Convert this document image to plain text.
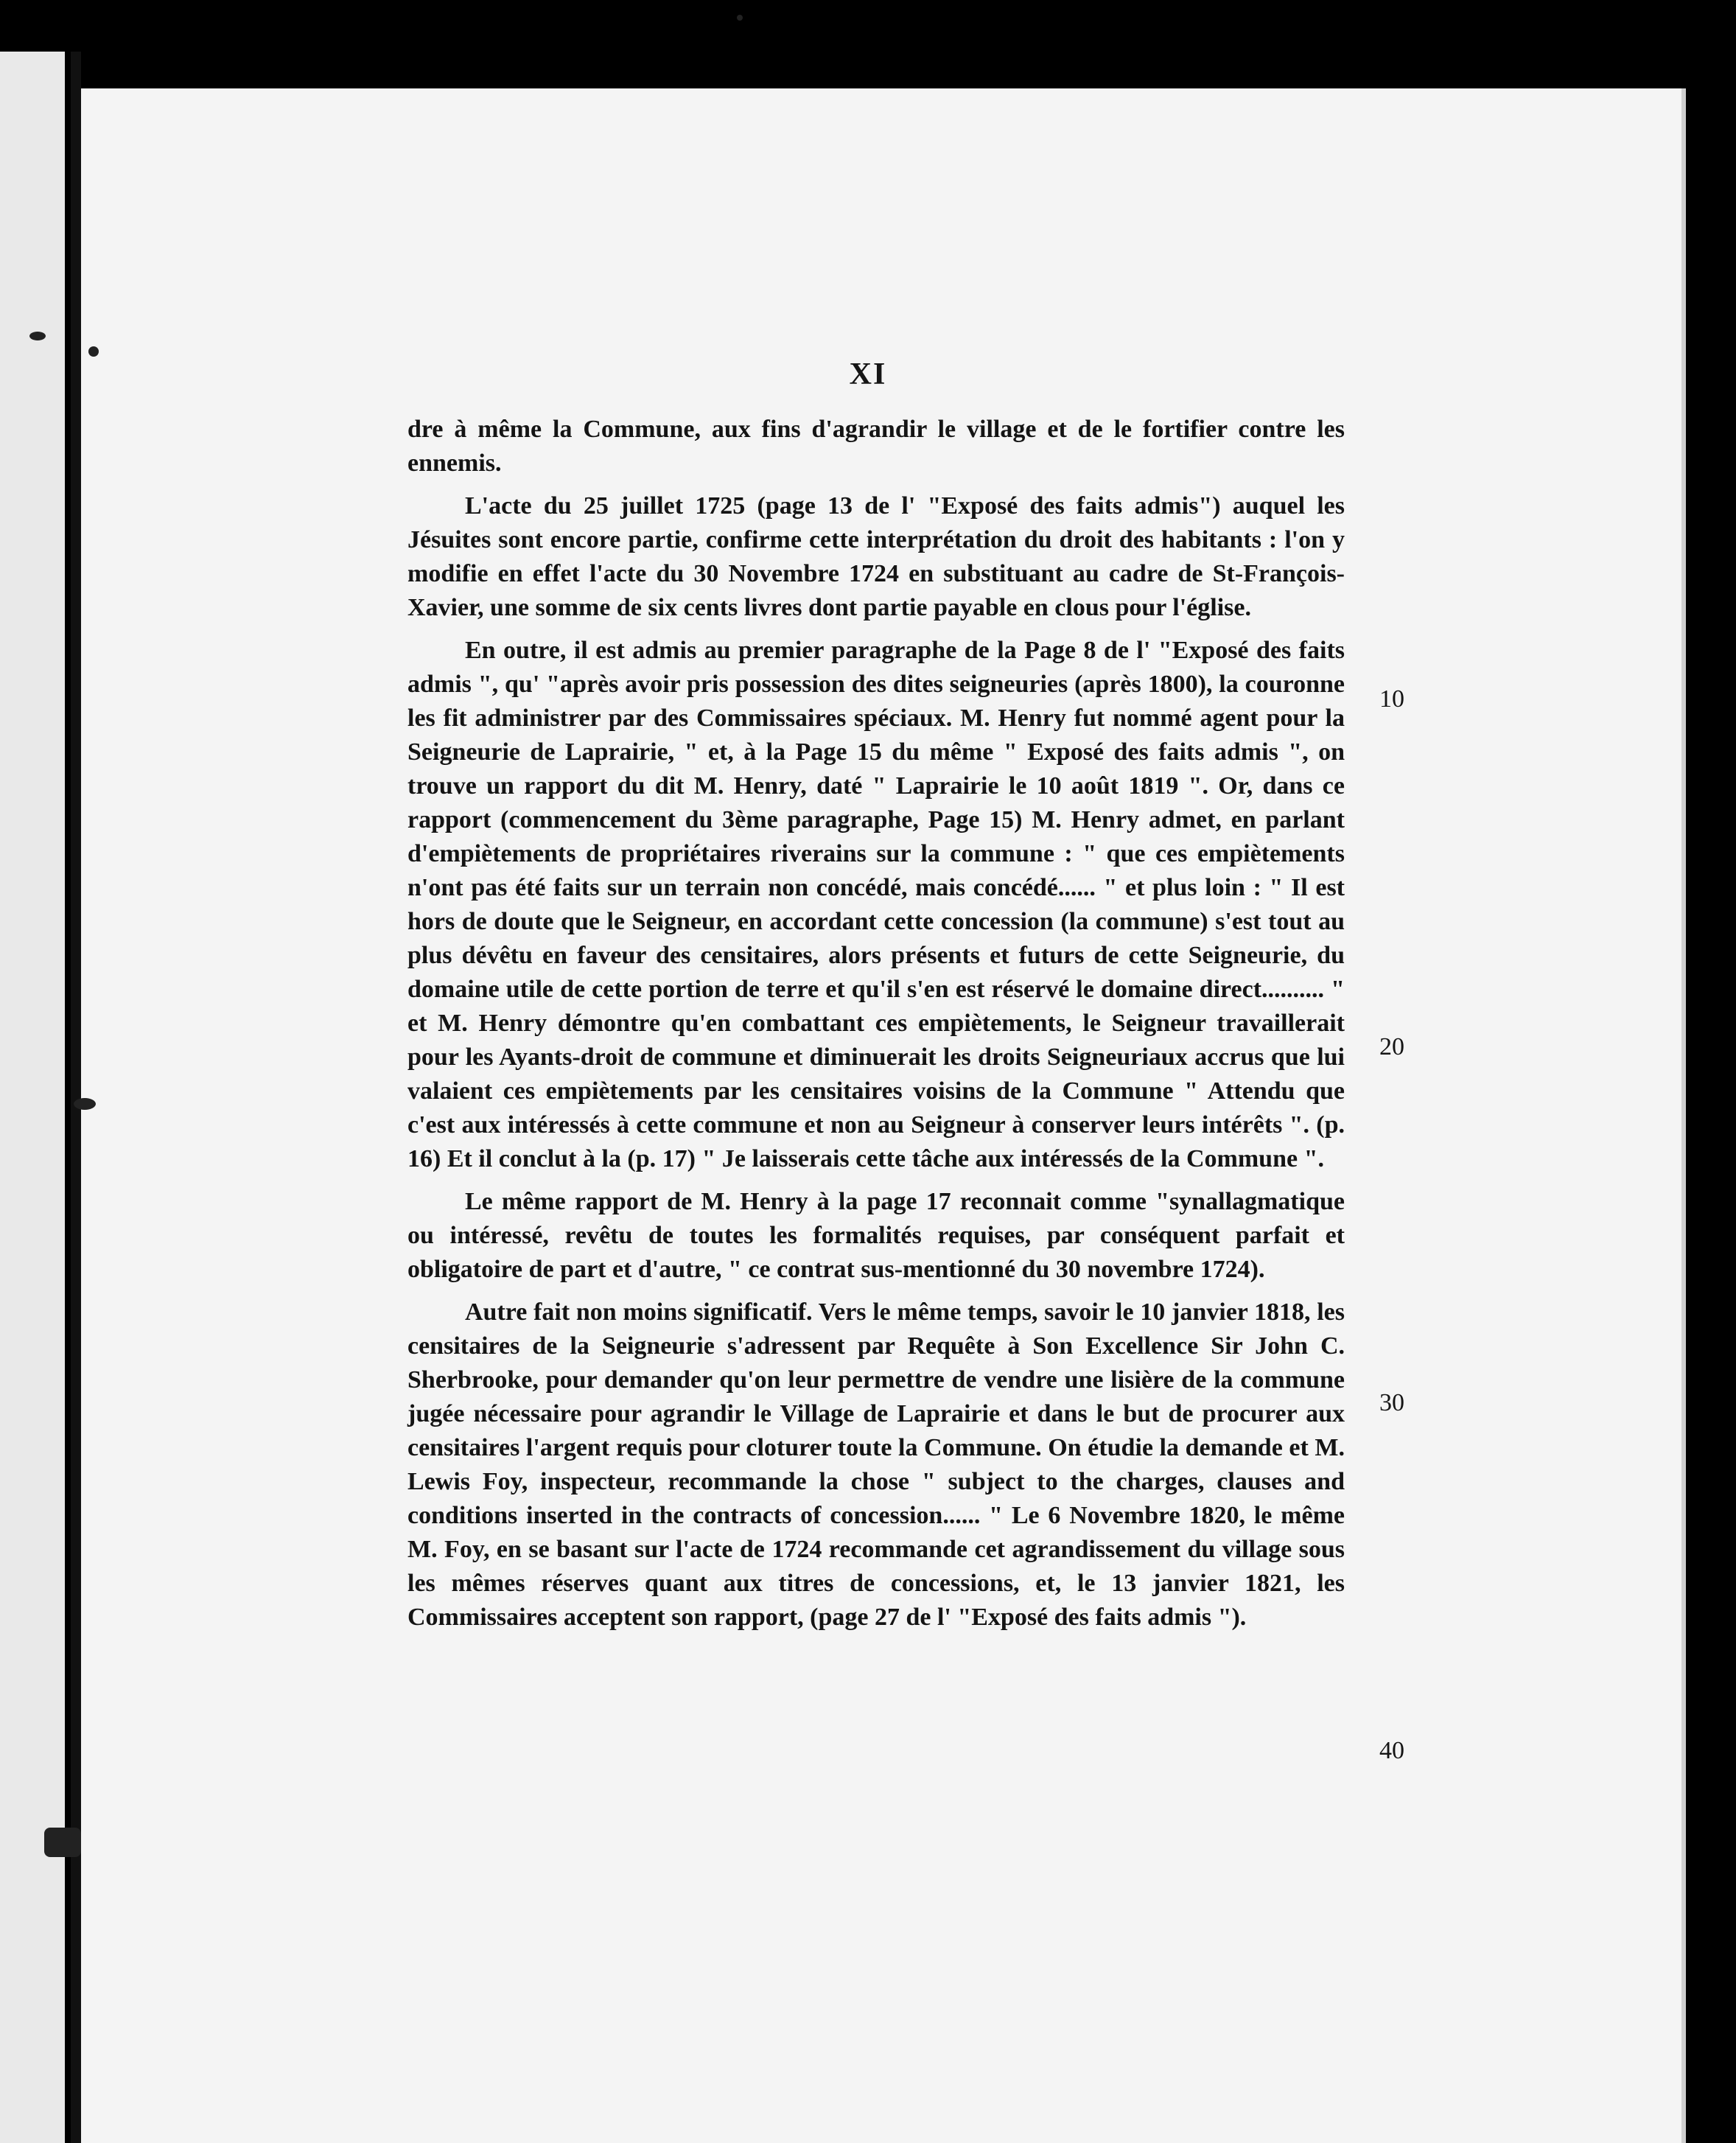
XI

dre à même la Commune, aux fins d'agrandir le village et de le fortifier contre les ennemis.

L'acte du 25 juillet 1725 (page 13 de l' "Exposé des faits admis") auquel les Jésuites sont encore partie, confirme cette interprétation du droit des habitants : l'on y modifie en effet l'acte du 30 Novembre 1724 en substituant au cadre de St-François-Xavier, une somme de six cents livres dont partie payable en clous pour l'église.

En outre, il est admis au premier paragraphe de la Page 8 de l' "Exposé des faits admis ", qu' "après avoir pris possession des dites seigneuries (après 1800), la couronne les fit administrer par des Commissaires spéciaux. M. Henry fut nommé agent pour la Seigneurie de Laprairie, " et, à la Page 15 du même " Exposé des faits admis ", on trouve un rapport du dit M. Henry, daté " Laprairie le 10 août 1819 ". Or, dans ce rapport (commencement du 3ème paragraphe, Page 15) M. Henry admet, en parlant d'empiètements de propriétaires riverains sur la commune : " que ces empiètements n'ont pas été faits sur un terrain non concédé, mais concédé...... " et plus loin : " Il est hors de doute que le Seigneur, en accordant cette concession (la commune) s'est tout au plus dévêtu en faveur des censitaires, alors présents et futurs de cette Seigneurie, du domaine utile de cette portion de terre et qu'il s'en est réservé le domaine direct.......... " et M. Henry démontre qu'en combattant ces empiètements, le Seigneur travaillerait pour les Ayants-droit de commune et diminuerait les droits Seigneuriaux accrus que lui valaient ces empiètements par les censitaires voisins de la Commune " Attendu que c'est aux intéressés à cette commune et non au Seigneur à conserver leurs intérêts ". (p. 16) Et il conclut à la (p. 17) " Je laisserais cette tâche aux intéressés de la Commune ".

Le même rapport de M. Henry à la page 17 reconnait comme "synallagmatique ou intéressé, revêtu de toutes les formalités requises, par conséquent parfait et obligatoire de part et d'autre, " ce contrat sus-mentionné du 30 novembre 1724).

Autre fait non moins significatif. Vers le même temps, savoir le 10 janvier 1818, les censitaires de la Seigneurie s'adressent par Requête à Son Excellence Sir John C. Sherbrooke, pour demander qu'on leur permettre de vendre une lisière de la commune jugée nécessaire pour agrandir le Village de Laprairie et dans le but de procurer aux censitaires l'argent requis pour cloturer toute la Commune. On étudie la demande et M. Lewis Foy, inspecteur, recommande la chose " subject to the charges, clauses and conditions inserted in the contracts of concession...... " Le 6 Novembre 1820, le même M. Foy, en se basant sur l'acte de 1724 recommande cet agrandissement du village sous les mêmes réserves quant aux titres de concessions, et, le 13 janvier 1821, les Commissaires acceptent son rapport, (page 27 de l' "Exposé des faits admis ").

10
20
30
40
